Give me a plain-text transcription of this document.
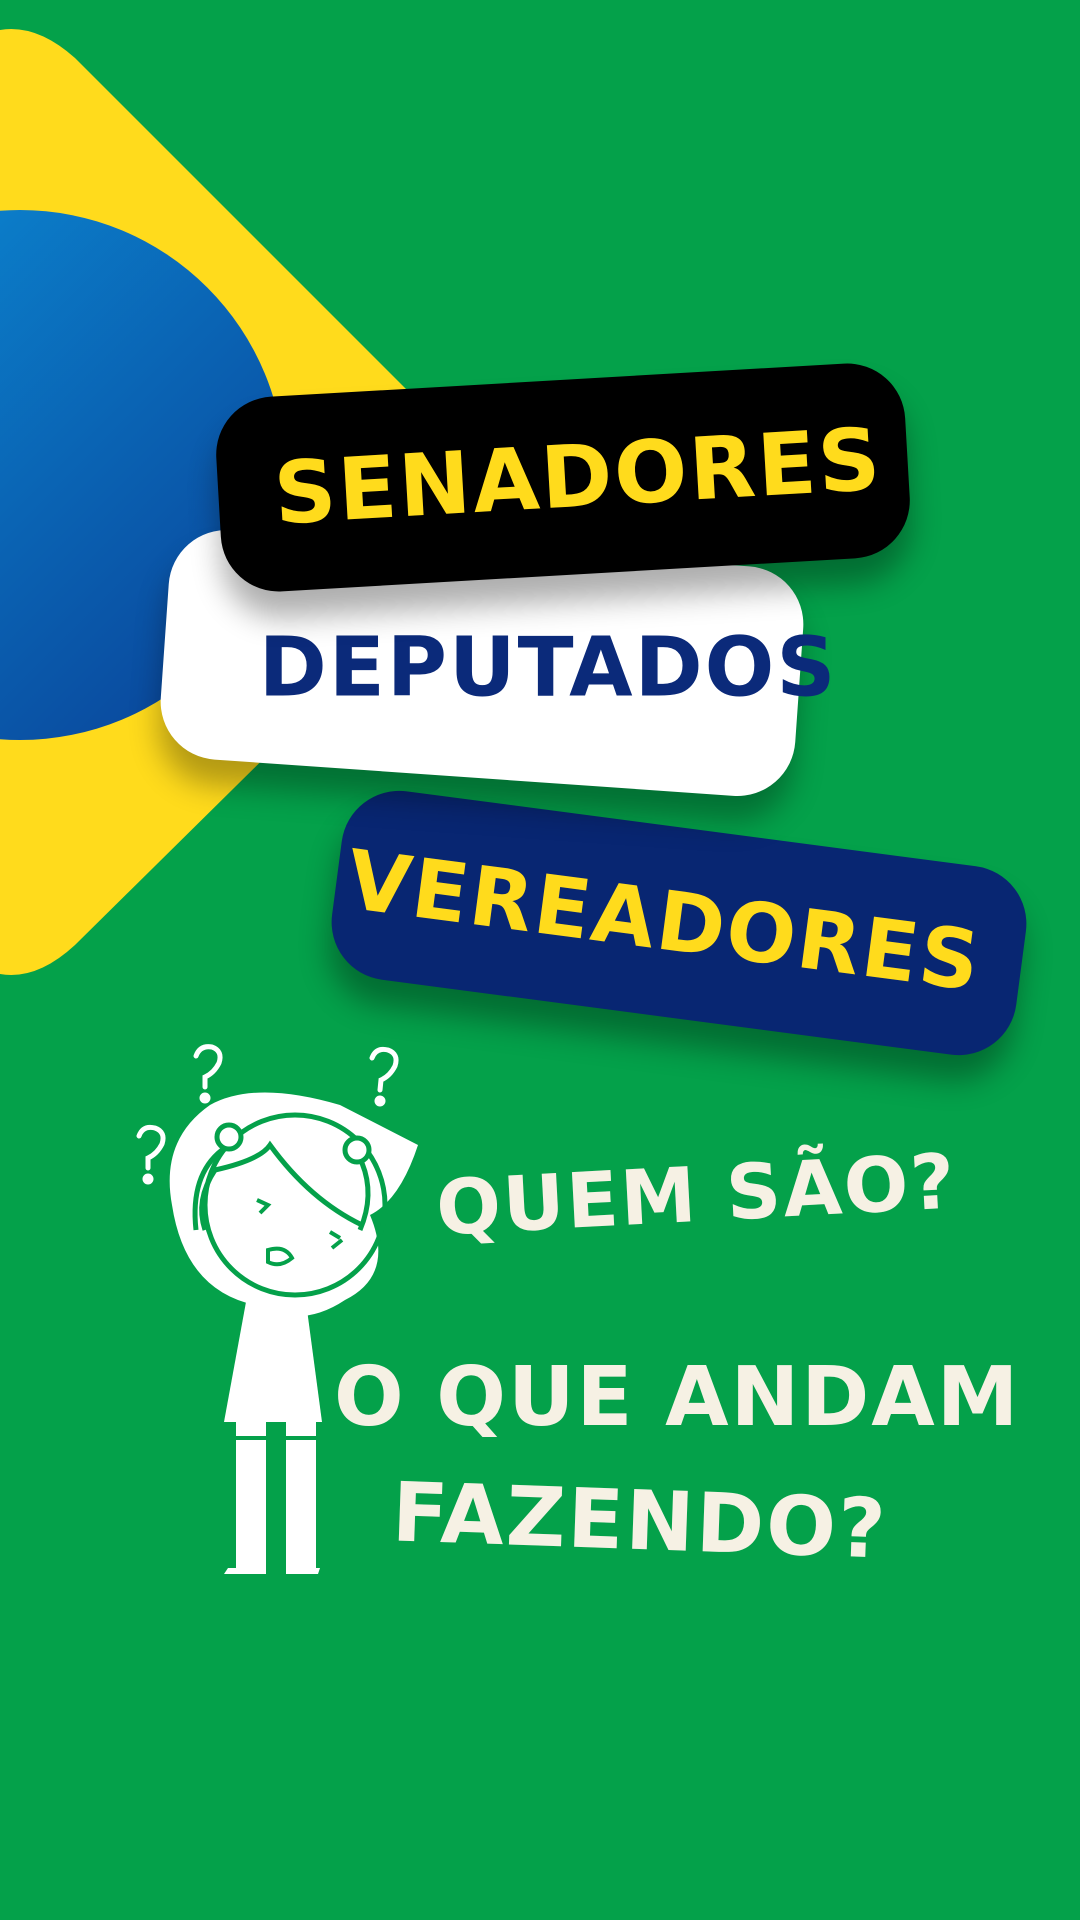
VEREADORES
DEPUTADOS
SENADORES
QUEM SÃO?
O QUE ANDAM
FAZENDO?
